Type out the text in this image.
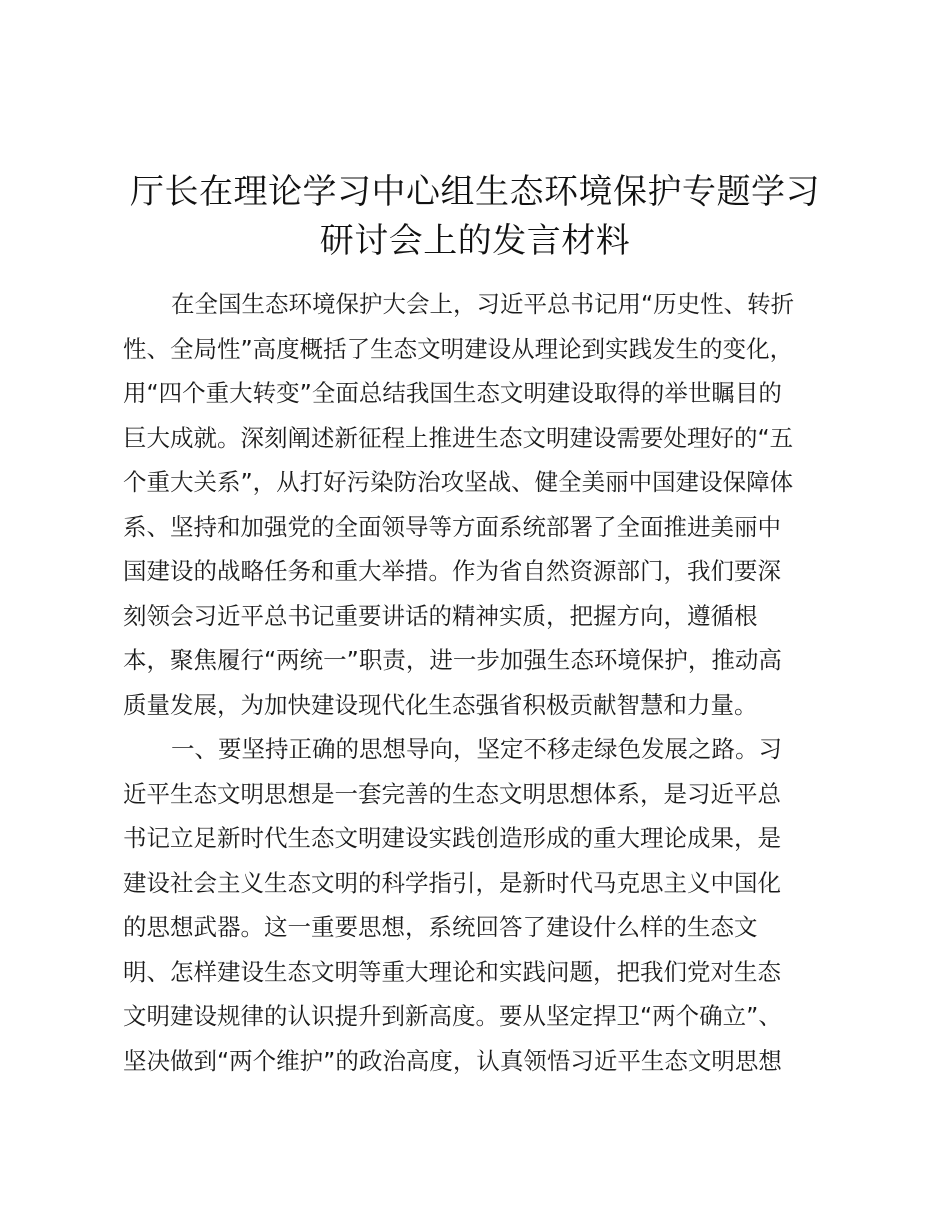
厅长在理论学习中心组生态环境保护专题学习
研讨会上的发言材料
在全国生态环境保护大会上，习近平总书记用“历史性、转折
性、全局性”高度概括了生态文明建设从理论到实践发生的变化，
用“四个重大转变”全面总结我国生态文明建设取得的举世瞩目的
巨大成就。深刻阐述新征程上推进生态文明建设需要处理好的“五
个重大关系”，从打好污染防治攻坚战、健全美丽中国建设保障体
系、坚持和加强党的全面领导等方面系统部署了全面推进美丽中
国建设的战略任务和重大举措。作为省自然资源部门，我们要深
刻领会习近平总书记重要讲话的精神实质，把握方向，遵循根
本，聚焦履行“两统一”职责，进一步加强生态环境保护，推动高
质量发展，为加快建设现代化生态强省积极贡献智慧和力量。
一、要坚持正确的思想导向，坚定不移走绿色发展之路。习
近平生态文明思想是一套完善的生态文明思想体系，是习近平总
书记立足新时代生态文明建设实践创造形成的重大理论成果，是
建设社会主义生态文明的科学指引，是新时代马克思主义中国化
的思想武器。这一重要思想，系统回答了建设什么样的生态文
明、怎样建设生态文明等重大理论和实践问题，把我们党对生态
文明建设规律的认识提升到新高度。要从坚定捍卫“两个确立”、
坚决做到“两个维护”的政治高度，认真领悟习近平生态文明思想
